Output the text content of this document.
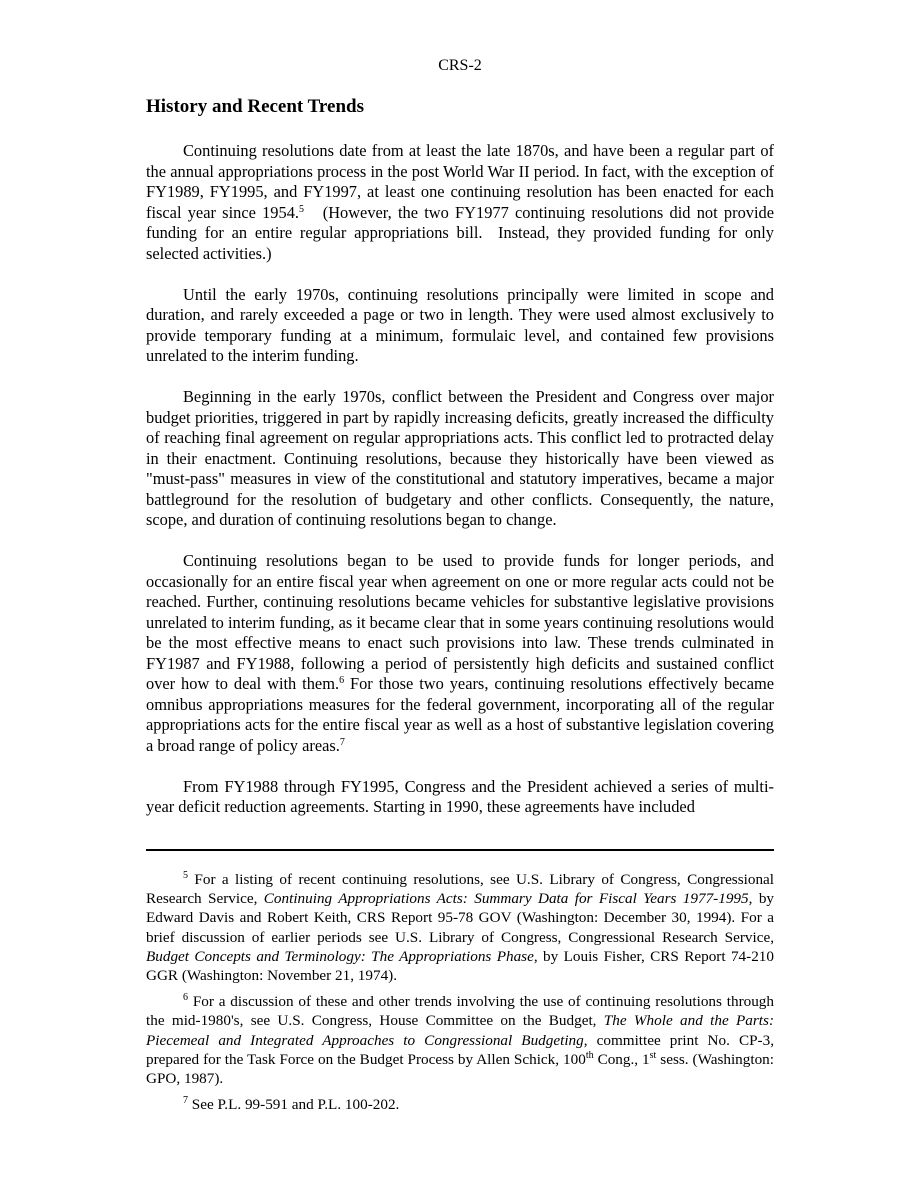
CRS-2
History and Recent Trends

Continuing resolutions date from at least the late 1870s, and have been a regular part of the annual appropriations process in the post World War II period. In fact, with the exception of FY1989, FY1995, and FY1997, at least one continuing resolution has been enacted for each fiscal year since 1954.$^5$   (However, the two FY1977 continuing resolutions did not provide funding for an entire regular appropriations bill.  Instead, they provided funding for only selected activities.)

Until the early 1970s, continuing resolutions principally were limited in scope and duration, and rarely exceeded a page or two in length. They were used almost exclusively to provide temporary funding at a minimum, formulaic level, and contained few provisions unrelated to the interim funding.

Beginning in the early 1970s, conflict between the President and Congress over major budget priorities, triggered in part by rapidly increasing deficits, greatly increased the difficulty of reaching final agreement on regular appropriations acts. This conflict led to protracted delay in their enactment. Continuing resolutions, because they historically have been viewed as "must-pass" measures in view of the constitutional and statutory imperatives, became a major battleground for the resolution of budgetary and other conflicts. Consequently, the nature, scope, and duration of continuing resolutions began to change.

Continuing resolutions began to be used to provide funds for longer periods, and occasionally for an entire fiscal year when agreement on one or more regular acts could not be reached. Further, continuing resolutions became vehicles for substantive legislative provisions unrelated to interim funding, as it became clear that in some years continuing resolutions would be the most effective means to enact such provisions into law. These trends culminated in FY1987 and FY1988, following a period of persistently high deficits and sustained conflict over how to deal with them.$^6$ For those two years, continuing resolutions effectively became omnibus appropriations measures for the federal government, incorporating all of the regular appropriations acts for the entire fiscal year as well as a host of substantive legislation covering a broad range of policy areas.$^7$

From FY1988 through FY1995, Congress and the President achieved a series of multi-year deficit reduction agreements. Starting in 1990, these agreements have included

$^5$ For a listing of recent continuing resolutions, see U.S. Library of Congress, Congressional Research Service, Continuing Appropriations Acts: Summary Data for Fiscal Years 1977-1995, by Edward Davis and Robert Keith, CRS Report 95-78 GOV (Washington: December 30, 1994). For a brief discussion of earlier periods see U.S. Library of Congress, Congressional Research Service, Budget Concepts and Terminology: The Appropriations Phase, by Louis Fisher, CRS Report 74-210 GGR (Washington: November 21, 1974).

$^6$ For a discussion of these and other trends involving the use of continuing resolutions through the mid-1980's, see U.S. Congress, House Committee on the Budget, The Whole and the Parts: Piecemeal and Integrated Approaches to Congressional Budgeting, committee print No. CP-3, prepared for the Task Force on the Budget Process by Allen Schick, 100th Cong., 1st sess. (Washington: GPO, 1987).

$^7$ See P.L. 99-591 and P.L. 100-202.
